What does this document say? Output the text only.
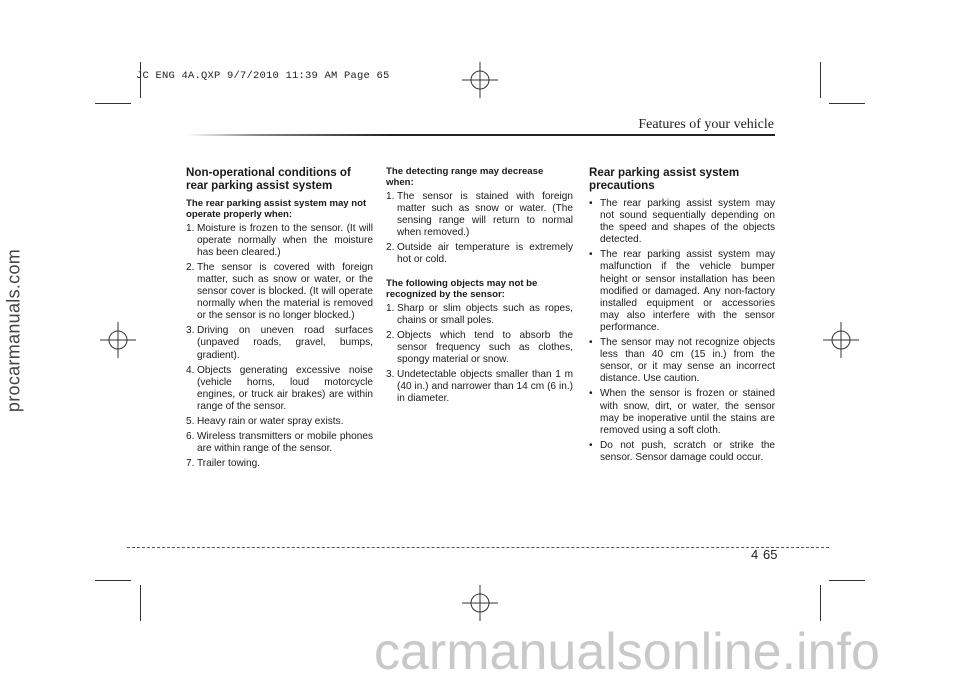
JC ENG 4A.QXP 9/7/2010 11:39 AM Page 65
Features of your vehicle
procarmanuals.com
Non-operational conditions of rear parking assist system
The rear parking assist system may not operate properly when:
1. Moisture is frozen to the sensor. (It will operate normally when the moisture has been cleared.)
2. The sensor is covered with foreign matter, such as snow or water, or the sensor cover is blocked. (It will operate normally when the material is removed or the sensor is no longer blocked.)
3. Driving on uneven road surfaces (unpaved roads, gravel, bumps, gradient).
4. Objects generating excessive noise (vehicle horns, loud motorcycle engines, or truck air brakes) are within range of the sensor.
5. Heavy rain or water spray exists.
6. Wireless transmitters or mobile phones are within range of the sensor.
7. Trailer towing.
The detecting range may decrease when:
1. The sensor is stained with foreign matter such as snow or water. (The sensing range will return to normal when removed.)
2. Outside air temperature is extremely hot or cold.
The following objects may not be recognized by the sensor:
1. Sharp or slim objects such as ropes, chains or small poles.
2. Objects which tend to absorb the sensor frequency such as clothes, spongy material or snow.
3. Undetectable objects smaller than 1 m (40 in.) and narrower than 14 cm (6 in.) in diameter.
Rear parking assist system precautions
• The rear parking assist system may not sound sequentially depending on the speed and shapes of the objects detected.
• The rear parking assist system may malfunction if the vehicle bumper height or sensor installation has been modified or damaged. Any non-factory installed equipment or accessories may also interfere with the sensor performance.
• The sensor may not recognize objects less than 40 cm (15 in.) from the sensor, or it may sense an incorrect distance. Use caution.
• When the sensor is frozen or stained with snow, dirt, or water, the sensor may be inoperative until the stains are removed using a soft cloth.
• Do not push, scratch or strike the sensor. Sensor damage could occur.
4 65
carmanualsonline.info
